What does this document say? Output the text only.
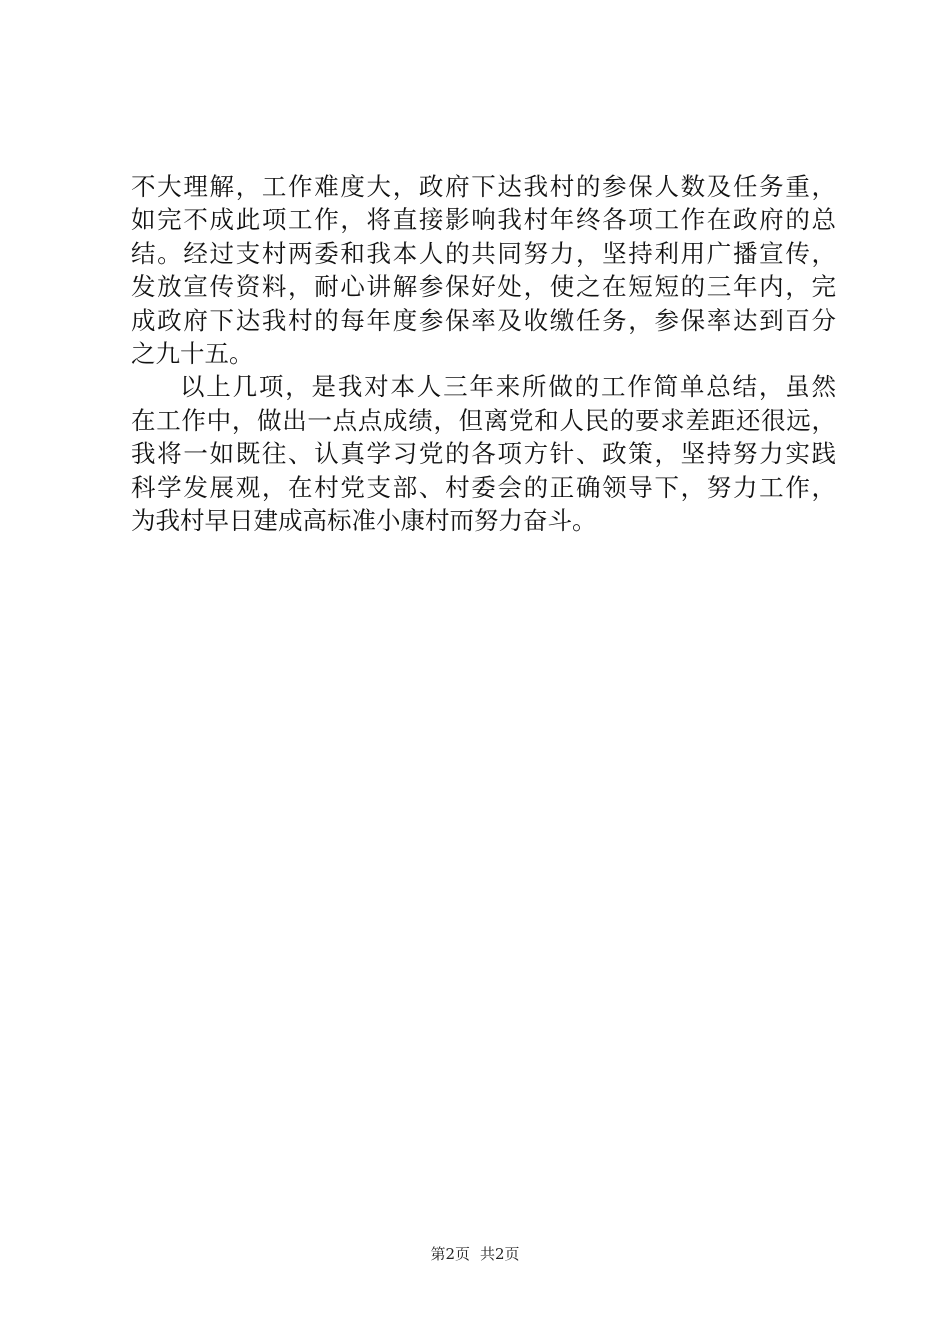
不大理解，工作难度大，政府下达我村的参保人数及任务重，
如完不成此项工作，将直接影响我村年终各项工作在政府的总
结。经过支村两委和我本人的共同努力，坚持利用广播宣传，
发放宣传资料，耐心讲解参保好处，使之在短短的三年内，完
成政府下达我村的每年度参保率及收缴任务，参保率达到百分
之九十五。
以上几项，是我对本人三年来所做的工作简单总结，虽然
在工作中，做出一点点成绩，但离党和人民的要求差距还很远，
我将一如既往、认真学习党的各项方针、政策，坚持努力实践
科学发展观，在村党支部、村委会的正确领导下，努力工作，
为我村早日建成高标准小康村而努力奋斗。
第2页 共2页
